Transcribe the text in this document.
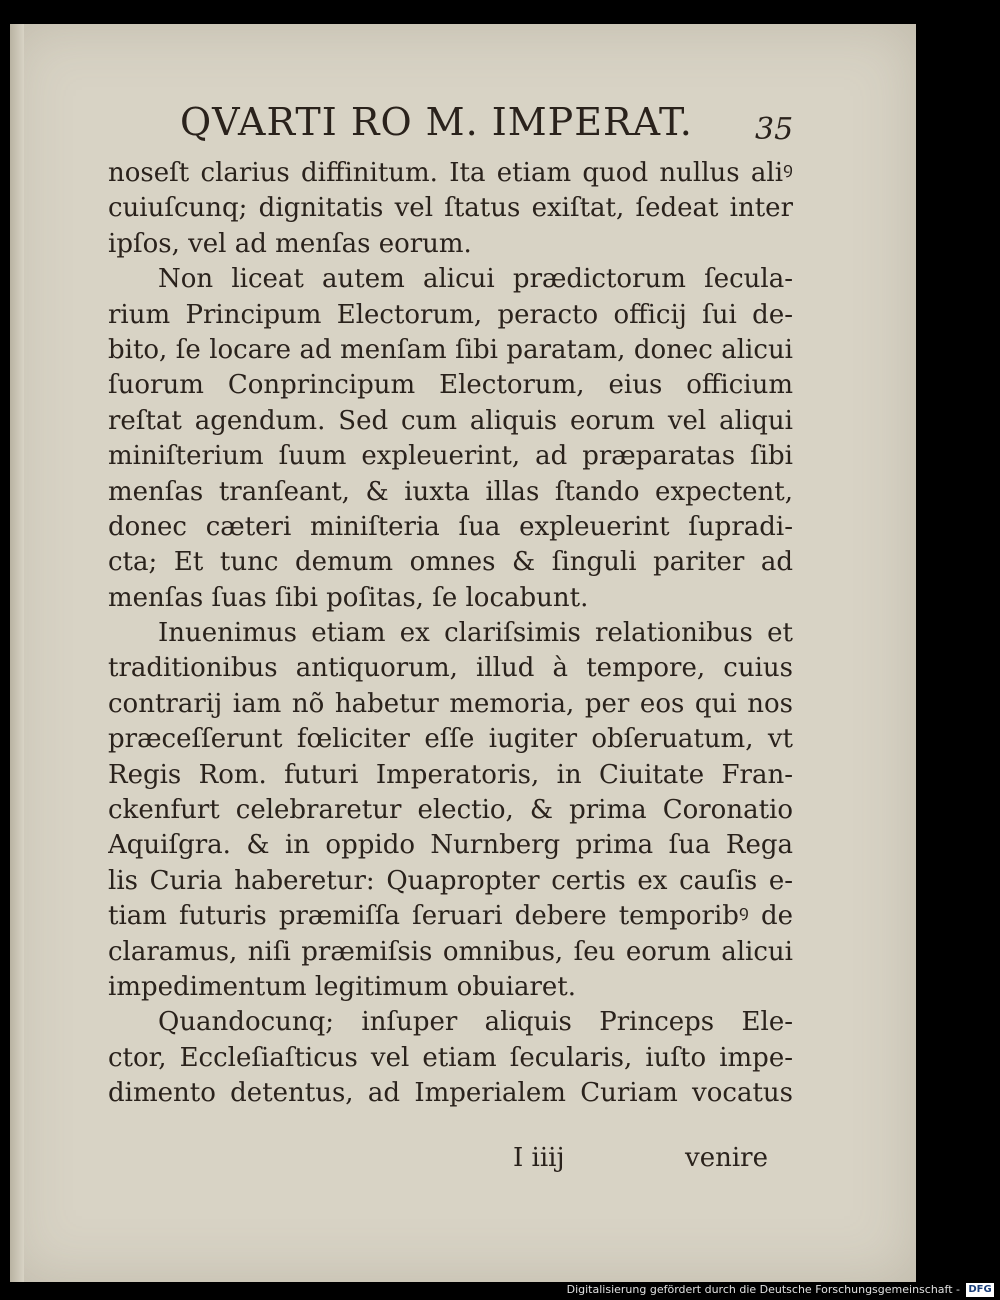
QVARTI RO M. IMPERAT. 35
noseſt clarius diffinitum. Ita etiam quod nullus aliꝰ
cuiuſcunq; dignitatis vel ſtatus exiſtat, ſedeat inter
ipſos, vel ad menſas eorum.
Non liceat autem alicui prædictorum ſecula-
rium Principum Electorum, peracto officij ſui de-
bito, ſe locare ad menſam ſibi paratam, donec alicui
ſuorum Conprincipum Electorum, eius officium
reſtat agendum. Sed cum aliquis eorum vel aliqui
miniſterium ſuum expleuerint, ad præparatas ſibi
menſas tranſeant, & iuxta illas ſtando expectent,
donec cæteri miniſteria ſua expleuerint ſupradi-
cta; Et tunc demum omnes & ſinguli pariter ad
menſas ſuas ſibi poſitas, ſe locabunt.
Inuenimus etiam ex clariſsimis relationibus et
traditionibus antiquorum, illud à tempore, cuius
contrarij iam nõ habetur memoria, per eos qui nos
præceſſerunt fœliciter eſſe iugiter obſeruatum, vt
Regis Rom. futuri Imperatoris, in Ciuitate Fran-
ckenfurt celebraretur electio, & prima Coronatio
Aquiſgra. & in oppido Nurnberg prima ſua Rega
lis Curia haberetur: Quapropter certis ex cauſis e-
tiam futuris præmiſſa ſeruari debere temporibꝰ de
claramus, niſi præmiſsis omnibus, ſeu eorum alicui
impedimentum legitimum obuiaret.
Quandocunq; inſuper aliquis Princeps Ele-
ctor, Eccleſiaſticus vel etiam ſecularis, iuſto impe-
dimento detentus, ad Imperialem Curiam vocatus
I iiij	venire
Digitalisierung gefördert durch die Deutsche Forschungsgemeinschaft - DFG
